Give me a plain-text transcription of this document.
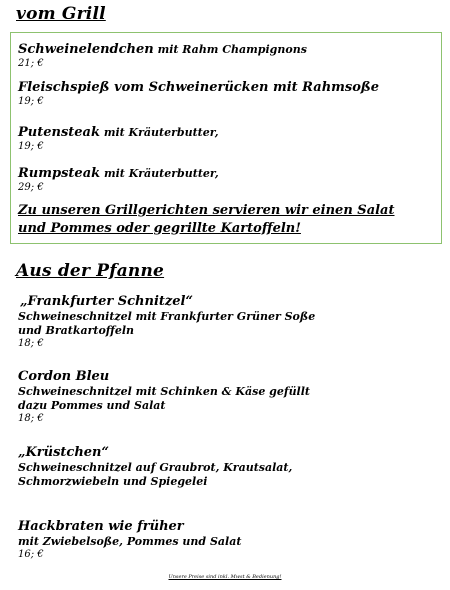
vom Grill
Schweinelendchen mit Rahm Champignons
21; €
Fleischspieß vom Schweinerücken mit Rahmsoße
19; €
Putensteak mit Kräuterbutter,
19; €
Rumpsteak mit Kräuterbutter,
29; €
Zu unseren Grillgerichten servieren wir einen Salat
und Pommes oder gegrillte Kartoffeln!
Aus der Pfanne
„Frankfurter Schnitzel“
Schweineschnitzel mit Frankfurter Grüner Soße
und Bratkartoffeln
18; €
Cordon Bleu
Schweineschnitzel mit Schinken & Käse gefüllt
dazu Pommes und Salat
18; €
„Krüstchen“
Schweineschnitzel auf Graubrot, Krautsalat,
Schmorzwiebeln und Spiegelei
Hackbraten wie früher
mit Zwiebelsoße, Pommes und Salat
16; €
Unsere Preise sind inkl. Mwst & Bedienung!
